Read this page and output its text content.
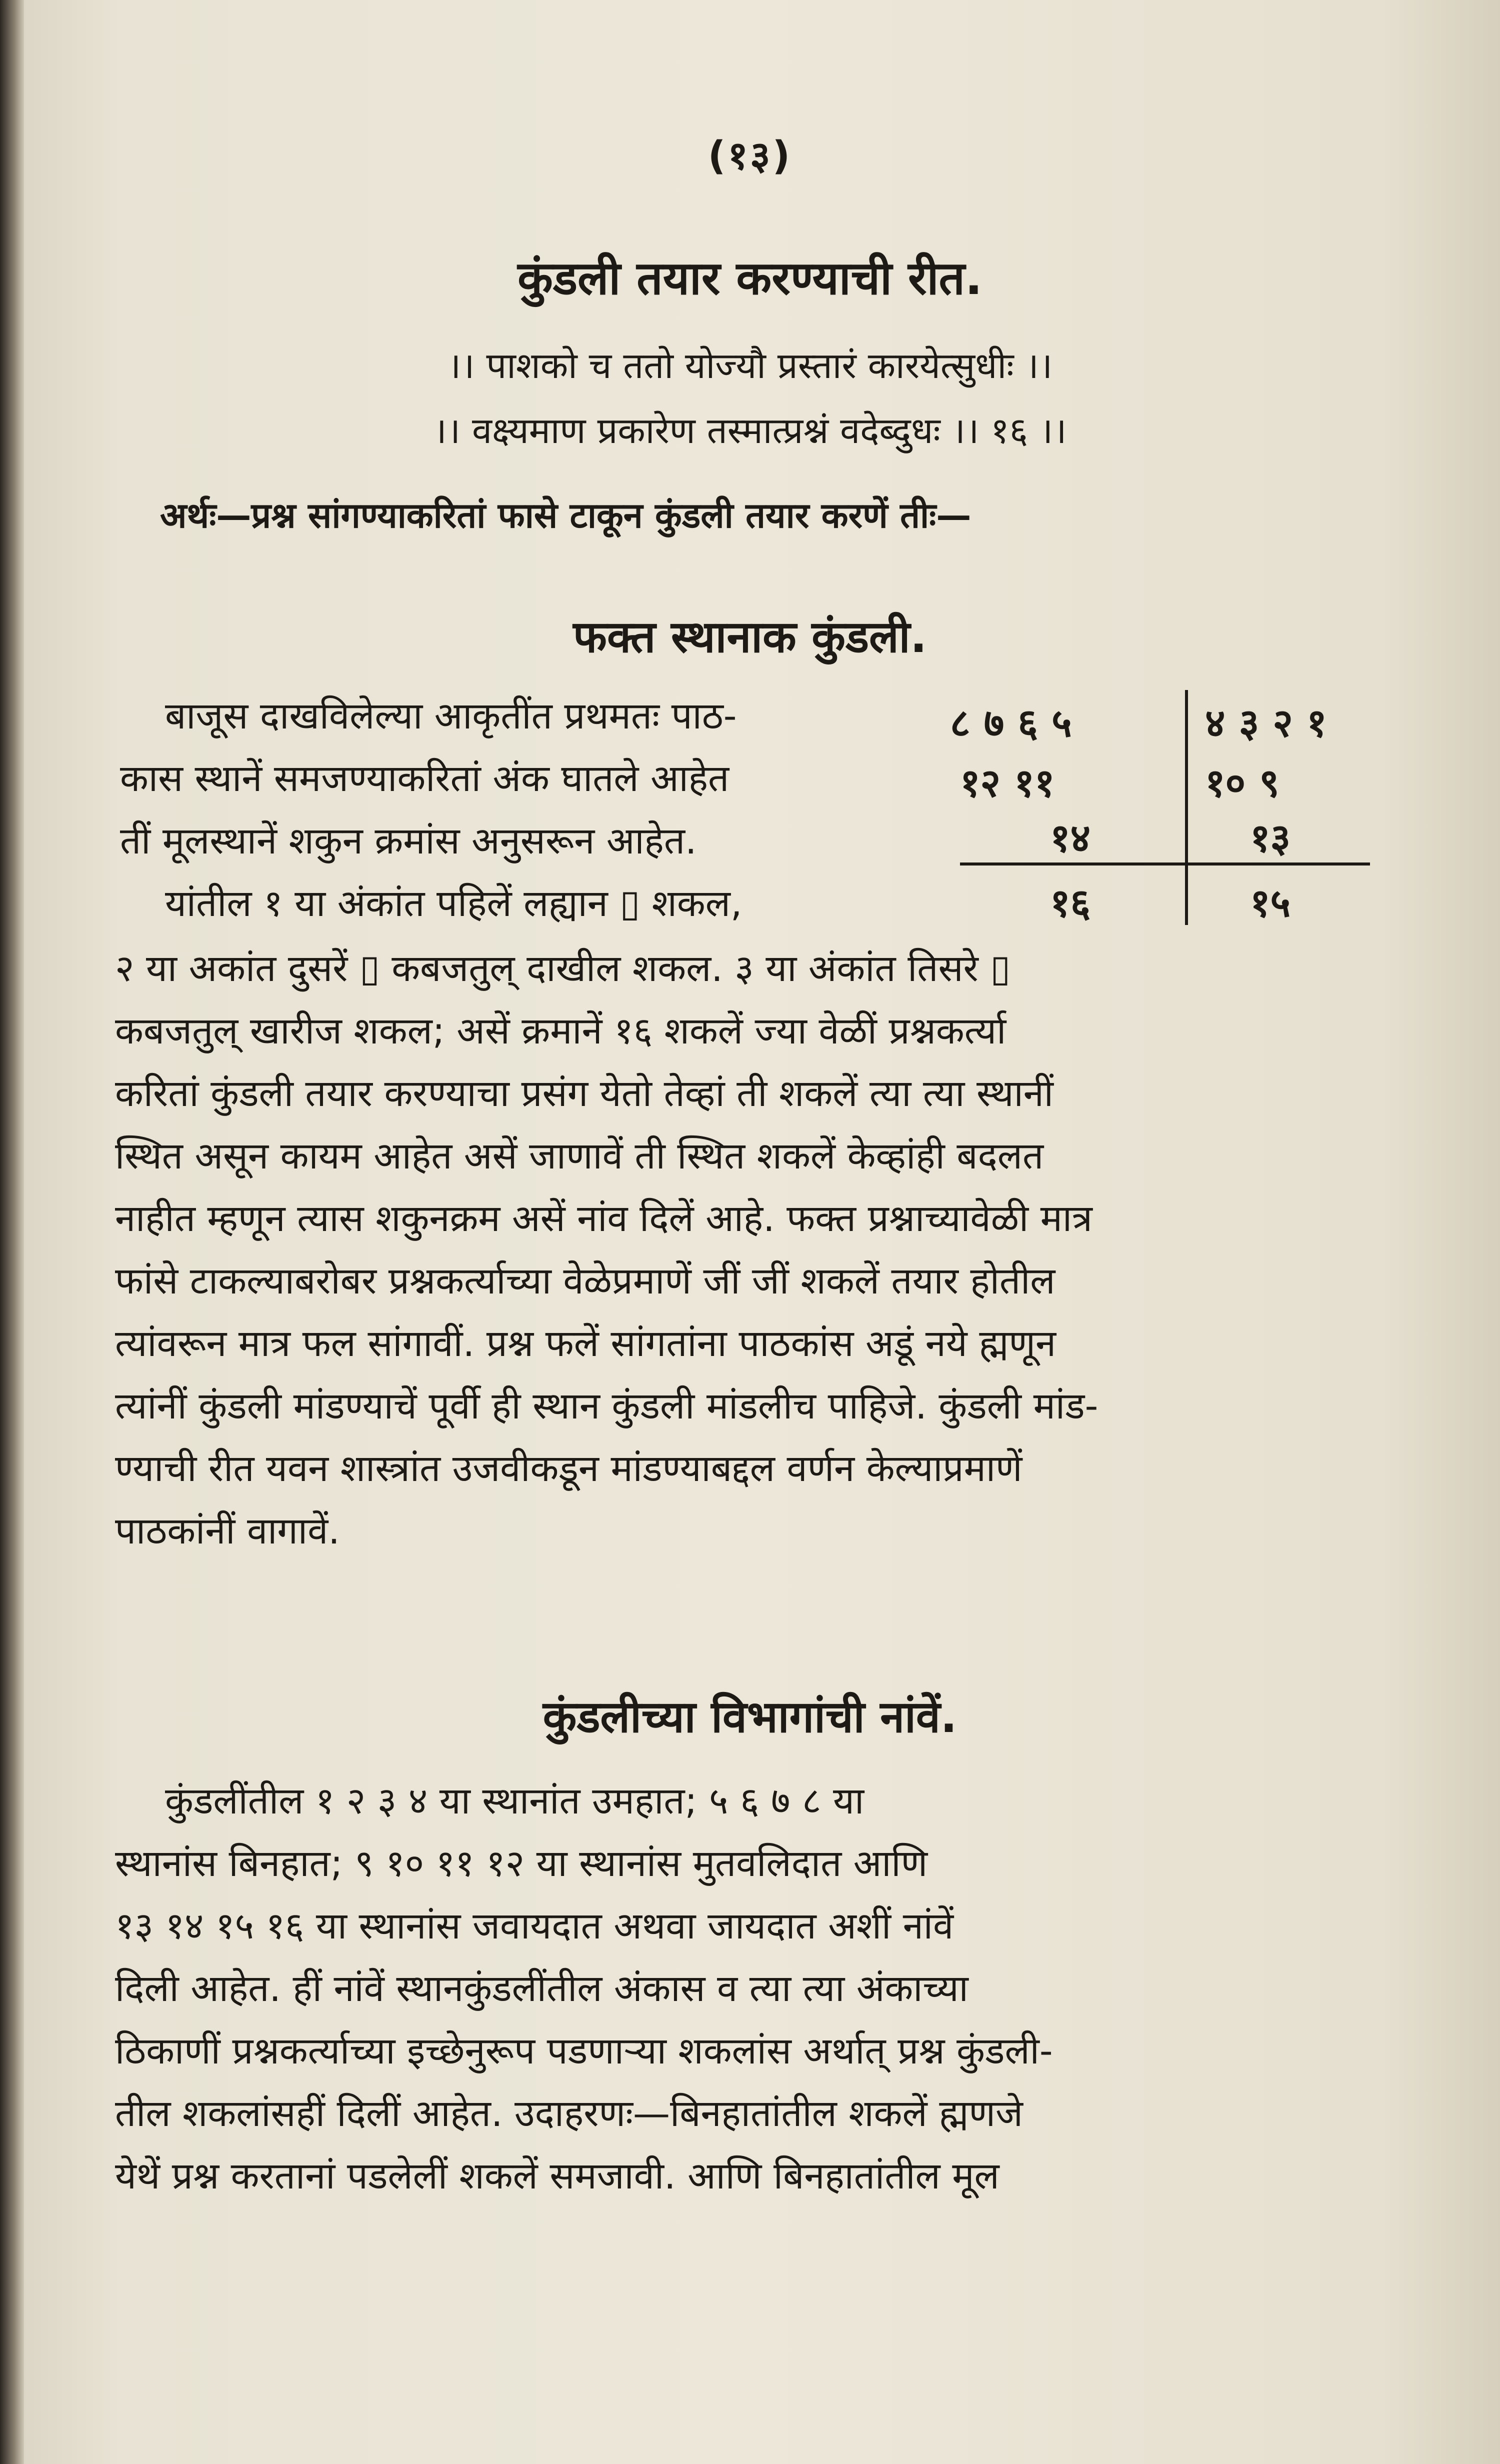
(१३)
कुंडली तयार करण्याची रीत.
।। पाशको च ततो योज्यौ प्रस्तारं कारयेत्सुधीः ।।
।। वक्ष्यमाण प्रकारेण तस्मात्प्रश्नं वदेब्दुधः ।। १६ ।।
अर्थः—प्रश्न सांगण्याकरितां फासे टाकून कुंडली तयार करणें तीः—
फक्त स्थानाक कुंडली.
बाजूस दाखविलेल्या आकृतींत प्रथमतः पाठ-
कास स्थानें समजण्याकरितां अंक घातले आहेत
तीं मूलस्थानें शकुन क्रमांस अनुसरून आहेत.
यांतील १ या अंकांत पहिलें लह्यान ▯ शकल,
८ ७ ६ ५	४ ३ २ १
१२ ११	१० ९
१४	१३
१६	१५
२ या अकांत दुसरें ▯ कबजतुल् दाखील शकल. ३ या अंकांत तिसरे ▯
कबजतुल् खारीज शकल; असें क्रमानें १६ शकलें ज्या वेळीं प्रश्नकर्त्या
करितां कुंडली तयार करण्याचा प्रसंग येतो तेव्हां ती शकलें त्या त्या स्थानीं
स्थित असून कायम आहेत असें जाणावें ती स्थित शकलें केव्हांही बदलत
नाहीत म्हणून त्यास शकुनक्रम असें नांव दिलें आहे. फक्त प्रश्नाच्यावेळी मात्र
फांसे टाकल्याबरोबर प्रश्नकर्त्याच्या वेळेप्रमाणें जीं जीं शकलें तयार होतील
त्यांवरून मात्र फल सांगावीं. प्रश्न फलें सांगतांना पाठकांस अडूं नये ह्मणून
त्यांनीं कुंडली मांडण्याचें पूर्वी ही स्थान कुंडली मांडलीच पाहिजे. कुंडली मांड-
ण्याची रीत यवन शास्त्रांत उजवीकडून मांडण्याबद्दल वर्णन केल्याप्रमाणें
पाठकांनीं वागावें.
कुंडलीच्या विभागांची नांवें.
कुंडलींतील १ २ ३ ४ या स्थानांत उमहात; ५ ६ ७ ८ या
स्थानांस बिनहात; ९ १० ११ १२ या स्थानांस मुतवलिदात आणि
१३ १४ १५ १६ या स्थानांस जवायदात अथवा जायदात अशीं नांवें
दिली आहेत. हीं नांवें स्थानकुंडलींतील अंकास व त्या त्या अंकाच्या
ठिकाणीं प्रश्नकर्त्याच्या इच्छेनुरूप पडणाऱ्या शकलांस अर्थात् प्रश्न कुंडली-
तील शकलांसहीं दिलीं आहेत. उदाहरणः—बिनहातांतील शकलें ह्मणजे
येथें प्रश्न करतानां पडलेलीं शकलें समजावी. आणि बिनहातांतील मूल
